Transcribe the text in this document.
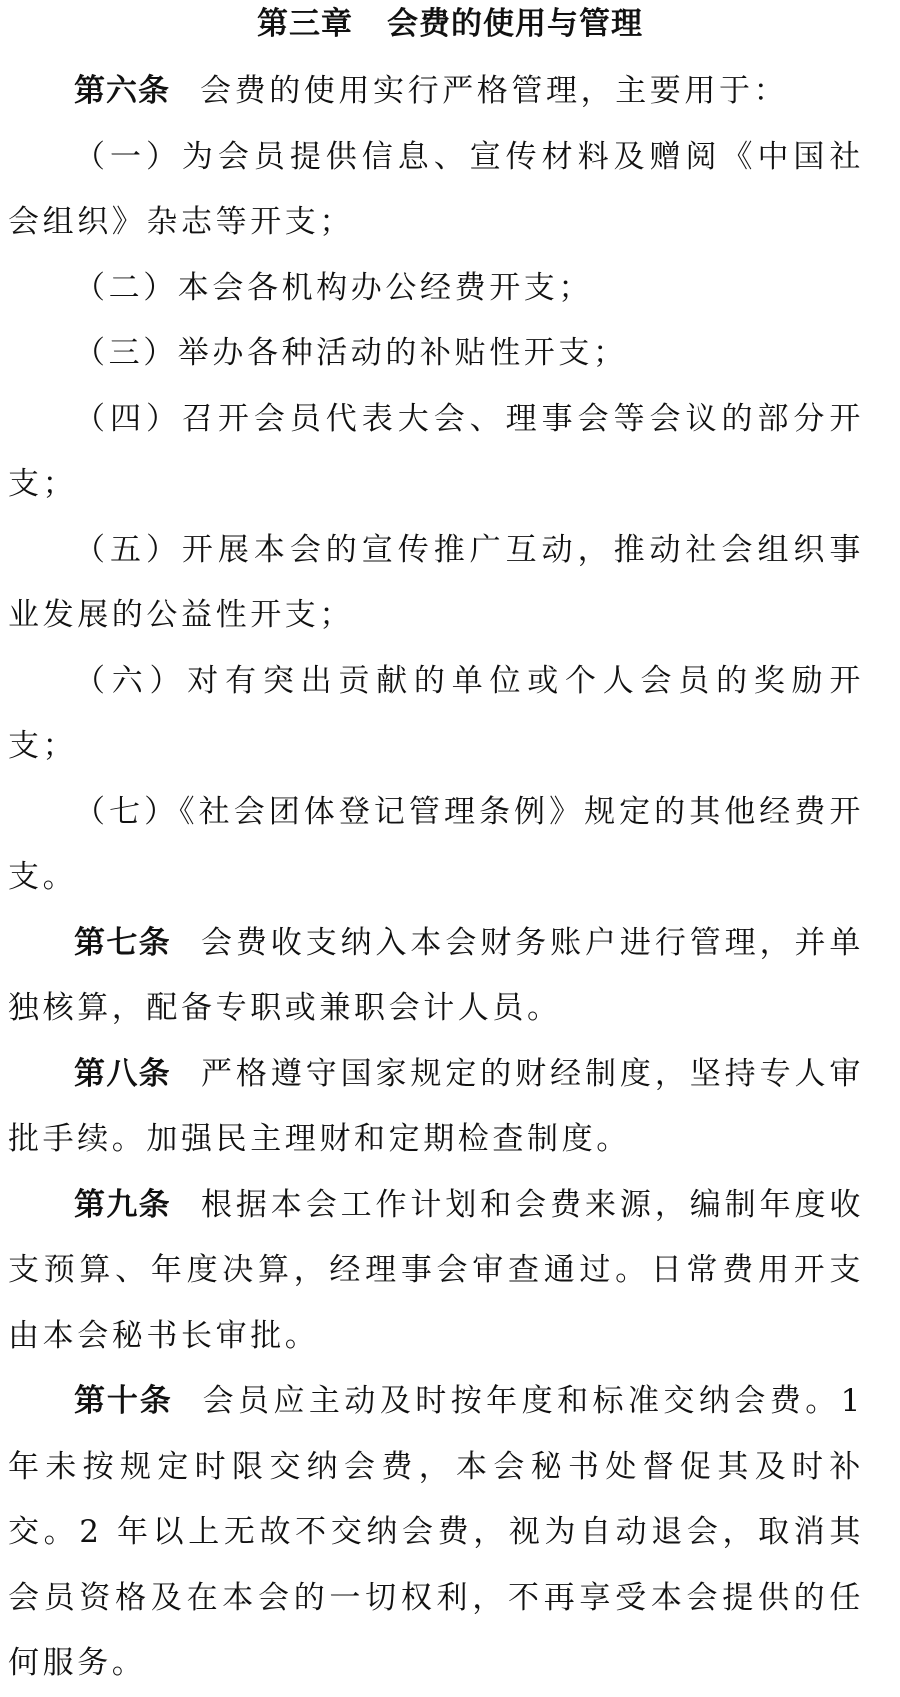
第三章 会费的使用与管理

第六条 会费的使用实行严格管理，主要用于：

（一）为会员提供信息、宣传材料及赠阅《中国社会组织》杂志等开支；

（二）本会各机构办公经费开支；

（三）举办各种活动的补贴性开支；

（四）召开会员代表大会、理事会等会议的部分开支；

（五）开展本会的宣传推广互动，推动社会组织事业发展的公益性开支；

（六）对有突出贡献的单位或个人会员的奖励开支；

（七）《社会团体登记管理条例》规定的其他经费开支。

第七条 会费收支纳入本会财务账户进行管理，并单独核算，配备专职或兼职会计人员。

第八条 严格遵守国家规定的财经制度，坚持专人审批手续。加强民主理财和定期检查制度。

第九条 根据本会工作计划和会费来源，编制年度收支预算、年度决算，经理事会审查通过。日常费用开支由本会秘书长审批。

第十条 会员应主动及时按年度和标准交纳会费。1 年未按规定时限交纳会费，本会秘书处督促其及时补交。2 年以上无故不交纳会费，视为自动退会，取消其会员资格及在本会的一切权利，不再享受本会提供的任何服务。
